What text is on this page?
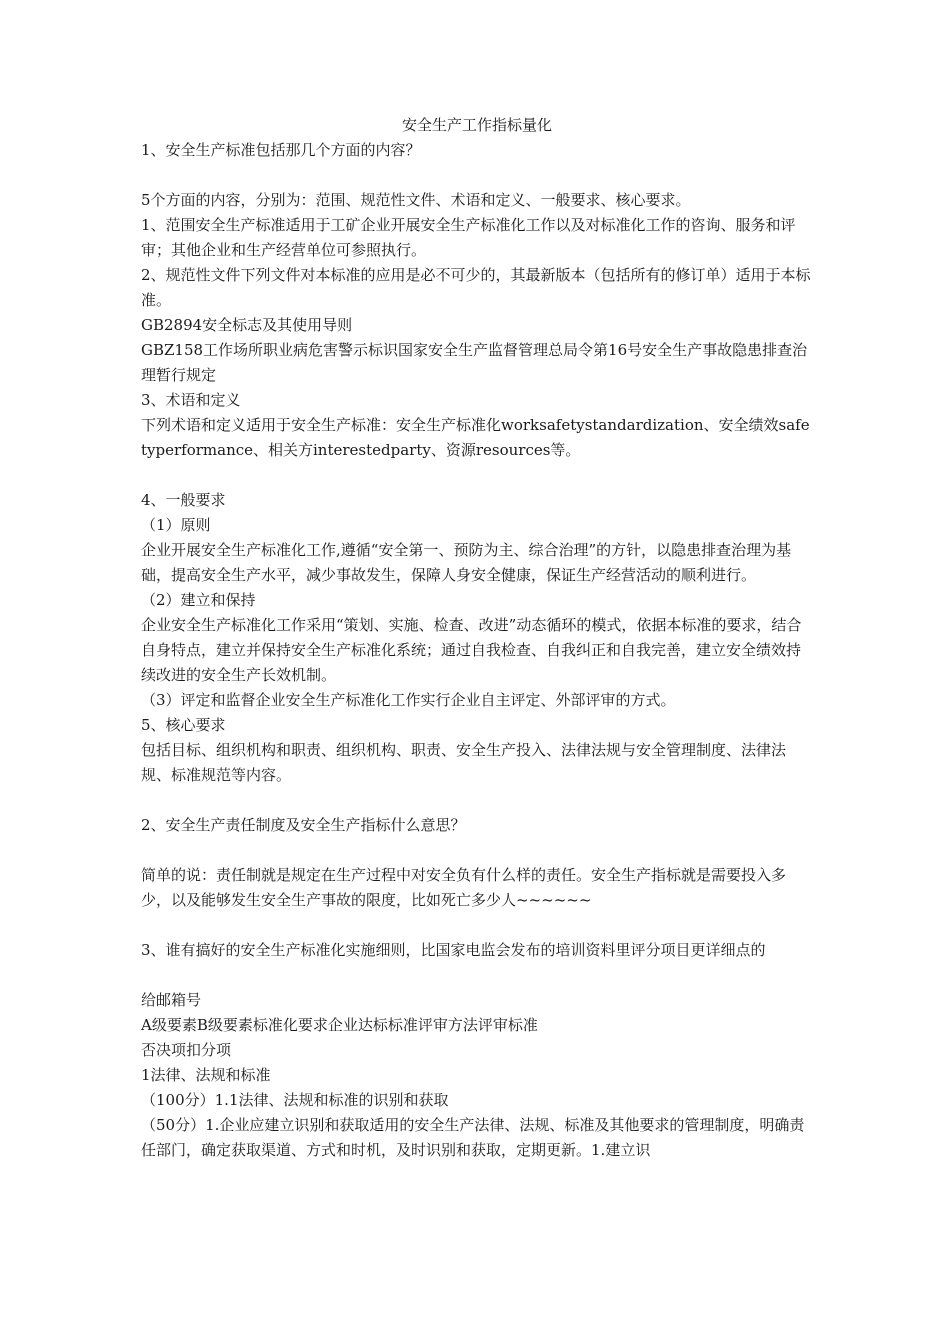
安全生产工作指标量化

1、安全生产标准包括那几个方面的内容？

5个方面的内容，分别为：范围、规范性文件、术语和定义、一般要求、核心要求。

1、范围安全生产标准适用于工矿企业开展安全生产标准化工作以及对标准化工作的咨询、服务和评审；其他企业和生产经营单位可参照执行。

2、规范性文件下列文件对本标准的应用是必不可少的，其最新版本（包括所有的修订单）适用于本标准。

GB2894安全标志及其使用导则

GBZ158工作场所职业病危害警示标识国家安全生产监督管理总局令第16号安全生产事故隐患排查治理暂行规定

3、术语和定义

下列术语和定义适用于安全生产标准：安全生产标准化worksafetystandardization、安全绩效safetyperformance、相关方interestedparty、资源resources等。

4、一般要求

（1）原则

企业开展安全生产标准化工作,遵循“安全第一、预防为主、综合治理”的方针，以隐患排查治理为基础，提高安全生产水平，减少事故发生，保障人身安全健康，保证生产经营活动的顺利进行。

（2）建立和保持

企业安全生产标准化工作采用“策划、实施、检查、改进”动态循环的模式，依据本标准的要求，结合自身特点，建立并保持安全生产标准化系统；通过自我检查、自我纠正和自我完善，建立安全绩效持续改进的安全生产长效机制。

（3）评定和监督企业安全生产标准化工作实行企业自主评定、外部评审的方式。

5、核心要求

包括目标、组织机构和职责、组织机构、职责、安全生产投入、法律法规与安全管理制度、法律法规、标准规范等内容。

2、安全生产责任制度及安全生产指标什么意思？

简单的说：责任制就是规定在生产过程中对安全负有什么样的责任。安全生产指标就是需要投入多少，以及能够发生安全生产事故的限度，比如死亡多少人~~~~~~

3、谁有搞好的安全生产标准化实施细则，比国家电监会发布的培训资料里评分项目更详细点的

给邮箱号

A级要素B级要素标准化要求企业达标标准评审方法评审标准

否决项扣分项

1法律、法规和标准

（100分）1.1法律、法规和标准的识别和获取

（50分）1.企业应建立识别和获取适用的安全生产法律、法规、标准及其他要求的管理制度，明确责任部门，确定获取渠道、方式和时机，及时识别和获取，定期更新。1.建立识
